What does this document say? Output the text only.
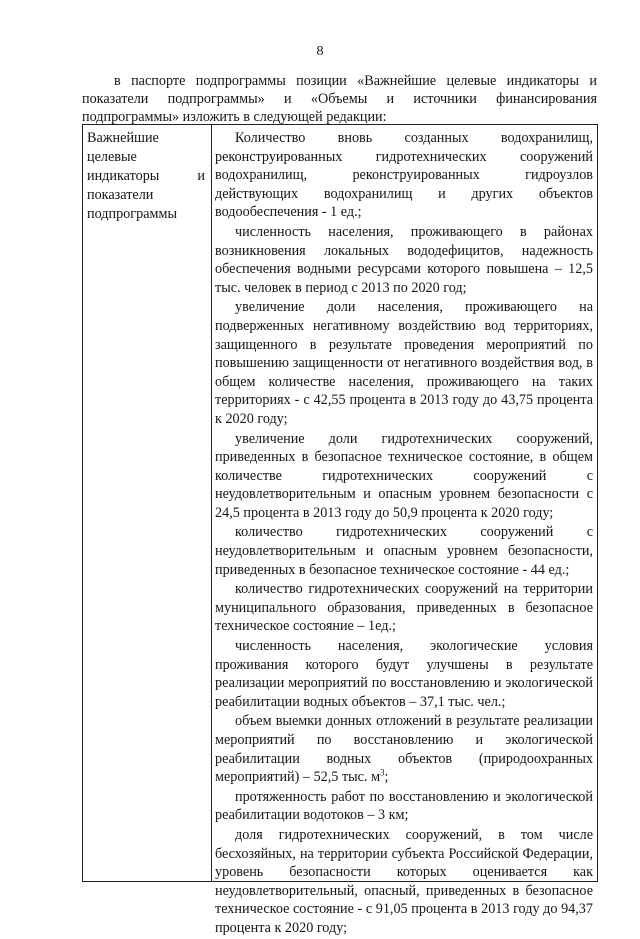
8
в паспорте подпрограммы позиции «Важнейшие целевые индикаторы и показатели подпрограммы» и «Объемы и источники финансирования подпрограммы» изложить в следующей редакции:
Важнейшие целевые индикаторы и показатели подпрограммы

Количество вновь созданных водохранилищ, реконструированных гидротехнических сооружений водохранилищ, реконструированных гидроузлов действующих водохранилищ и других объектов водообеспечения - 1 ед.;

численность населения, проживающего в районах возникновения локальных вододефицитов, надежность обеспечения водными ресурсами которого повышена – 12,5 тыс. человек в период с 2013 по 2020 год;

увеличение доли населения, проживающего на подверженных негативному воздействию вод территориях, защищенного в результате проведения мероприятий по повышению защищенности от негативного воздействия вод, в общем количестве населения, проживающего на таких территориях - с 42,55 процента в 2013 году до 43,75 процента к 2020 году;

увеличение доли гидротехнических сооружений, приведенных в безопасное техническое состояние, в общем количестве гидротехнических сооружений с неудовлетворительным и опасным уровнем безопасности с 24,5 процента в 2013 году до 50,9 процента к 2020 году;

количество гидротехнических сооружений с неудовлетворительным и опасным уровнем безопасности, приведенных в безопасное техническое состояние - 44 ед.;

количество гидротехнических сооружений на территории муниципального образования, приведенных в безопасное техническое состояние – 1ед.;

численность населения, экологические условия проживания которого будут улучшены в результате реализации мероприятий по восстановлению и экологической реабилитации водных объектов – 37,1 тыс. чел.;

объем выемки донных отложений в результате реализации мероприятий по восстановлению и экологической реабилитации водных объектов (природоохранных мероприятий) – 52,5 тыс. $м^3$;

протяженность работ по восстановлению и экологической реабилитации водотоков – 3 км;

доля гидротехнических сооружений, в том числе бесхозяйных, на территории субъекта Российской Федерации, уровень безопасности которых оценивается как неудовлетворительный, опасный, приведенных в безопасное техническое состояние - с 91,05 процента в 2013 году до 94,37 процента к 2020 году;
